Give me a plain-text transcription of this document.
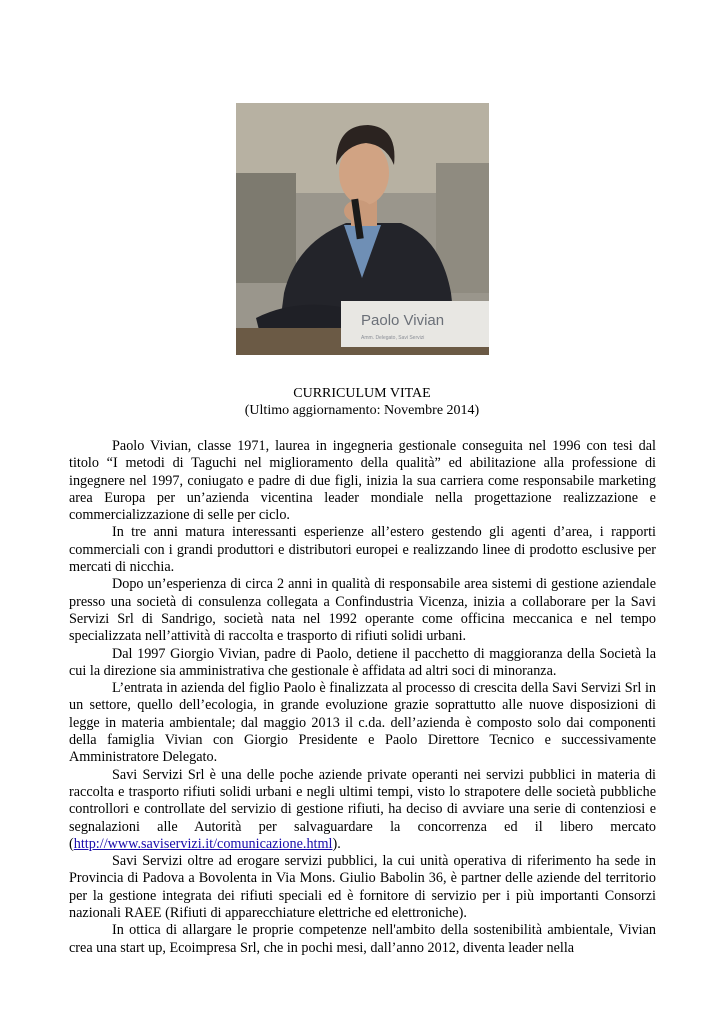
Paolo Vivian
Amm. Delegato, Savi Servizi
CURRICULUM VITAE
(Ultimo aggiornamento: Novembre 2014)

Paolo Vivian, classe 1971, laurea in ingegneria gestionale conseguita nel 1996 con tesi dal titolo “I metodi di Taguchi nel miglioramento della qualità” ed abilitazione alla professione di ingegnere nel 1997, coniugato e padre di due figli, inizia la sua carriera come responsabile marketing area Europa per un’azienda vicentina leader mondiale nella progettazione realizzazione e commercializzazione di selle per ciclo.

In tre anni matura interessanti esperienze all’estero gestendo gli agenti d’area, i rapporti commerciali con i grandi produttori e distributori europei e realizzando linee di prodotto esclusive per mercati di nicchia.

Dopo un’esperienza di circa 2 anni in qualità di responsabile area sistemi di gestione aziendale presso una società di consulenza collegata a Confindustria Vicenza, inizia a collaborare per la Savi Servizi Srl di Sandrigo, società nata nel 1992 operante come officina meccanica e nel tempo specializzata nell’attività di raccolta e trasporto di rifiuti solidi urbani.

Dal 1997 Giorgio Vivian, padre di Paolo, detiene il pacchetto di maggioranza della Società la cui la direzione sia amministrativa che gestionale è affidata ad altri soci di minoranza.

L’entrata in azienda del figlio Paolo è finalizzata al processo di crescita della Savi Servizi Srl in un settore, quello dell’ecologia, in grande evoluzione grazie soprattutto alle nuove disposizioni di legge in materia ambientale; dal maggio 2013 il c.da. dell’azienda è composto solo dai componenti della famiglia Vivian con Giorgio Presidente e Paolo Direttore Tecnico e successivamente Amministratore Delegato.

Savi Servizi Srl è una delle poche aziende private operanti nei servizi pubblici in materia di raccolta e trasporto rifiuti solidi urbani e negli ultimi tempi, visto lo strapotere delle società pubbliche controllori e controllate del servizio di gestione rifiuti, ha deciso di avviare una serie di contenziosi e segnalazioni alle Autorità per salvaguardare la concorrenza ed il libero mercato (http://www.saviservizi.it/comunicazione.html).

Savi Servizi oltre ad erogare servizi pubblici, la cui unità operativa di riferimento ha sede in Provincia di Padova a Bovolenta in Via Mons. Giulio Babolin 36, è partner delle aziende del territorio per la gestione integrata dei rifiuti speciali ed è fornitore di servizio per i più importanti Consorzi nazionali RAEE (Rifiuti di apparecchiature elettriche ed elettroniche).

In ottica di allargare le proprie competenze nell'ambito della sostenibilità ambientale, Vivian crea una start up, Ecoimpresa Srl, che in pochi mesi, dall’anno 2012, diventa leader nella
